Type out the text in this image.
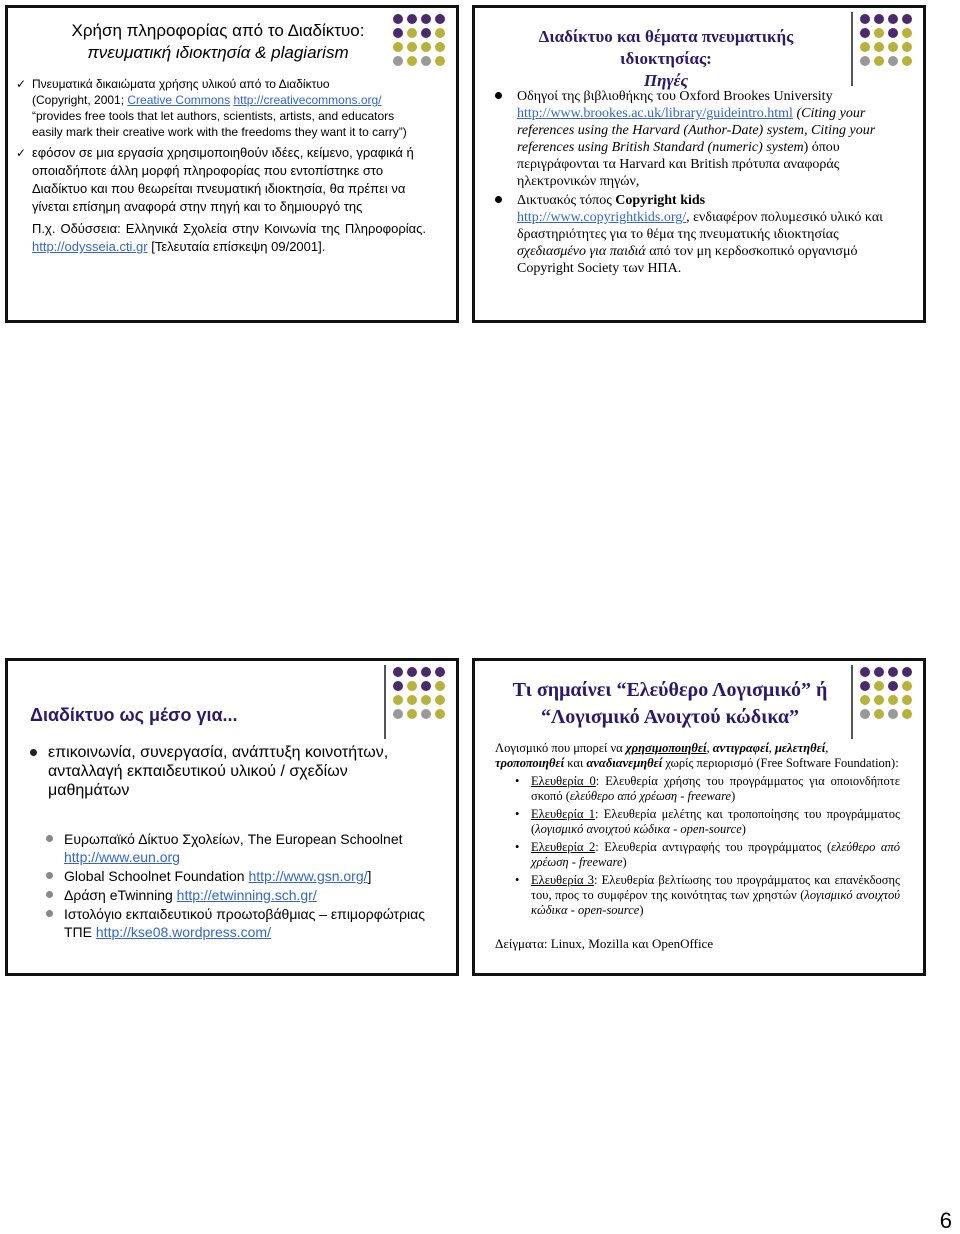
Χρήση πληροφορίας από το Διαδίκτυο:
πνευματική ιδιοκτησία & plagiarism
✓ Πνευματικά δικαιώματα χρήσης υλικού από το Διαδίκτυο
(Copyright, 2001; Creative Commons http://creativecommons.org/ “provides free tools that let authors, scientists, artists, and educators easily mark their creative work with the freedoms they want it to carry”)
✓ εφόσον σε μια εργασία χρησιμοποιηθούν ιδέες, κείμενο, γραφικά ή οποιαδήποτε άλλη μορφή πληροφορίας που εντοπίστηκε στο Διαδίκτυο και που θεωρείται πνευματική ιδιοκτησία, θα πρέπει να γίνεται επίσημη αναφορά στην πηγή και το δημιουργό της
Π.χ. Οδύσσεια: Ελληνικά Σχολεία στην Κοινωνία της Πληροφορίας. http://odysseia.cti.gr [Τελευταία επίσκεψη 09/2001].
Διαδίκτυο και θέματα πνευματικής ιδιοκτησίας:
Πηγές
Οδηγοί της βιβλιοθήκης του Oxford Brookes University
http://www.brookes.ac.uk/library/guideintro.html (Citing your references using the Harvard (Author-Date) system, Citing your references using British Standard (numeric) system) όπου περιγράφονται τα Harvard και British πρότυπα αναφοράς ηλεκτρονικών πηγών,
Δικτυακός τόπος Copyright kids
http://www.copyrightkids.org/, ενδιαφέρον πολυμεσικό υλικό και δραστηριότητες για το θέμα της πνευματικής ιδιοκτησίας σχεδιασμένο για παιδιά από τον μη κερδοσκοπικό οργανισμό Copyright Society των ΗΠΑ.
Διαδίκτυο ως μέσο για...
επικοινωνία, συνεργασία, ανάπτυξη κοινοτήτων, ανταλλαγή εκπαιδευτικού υλικού / σχεδίων μαθημάτων
Ευρωπαϊκό Δίκτυο Σχολείων, The European Schoolnet http://www.eun.org
Global Schoolnet Foundation http://www.gsn.org/]
Δράση eTwinning http://etwinning.sch.gr/
Ιστολόγιο εκπαιδευτικού προωτοβάθμιας – επιμορφώτριας ΤΠΕ http://kse08.wordpress.com/
Τι σημαίνει “Ελεύθερο Λογισμικό” ή
“Λογισμικό Ανοιχτού κώδικα”
Λογισμικό που μπορεί να χρησιμοποιηθεί, αντιγραφεί, μελετηθεί, τροποποιηθεί και αναδιανεμηθεί χωρίς περιορισμό (Free Software Foundation):
• Ελευθερία 0: Ελευθερία χρήσης του προγράμματος για οποιονδήποτε σκοπό (ελεύθερο από χρέωση - freeware)
• Ελευθερία 1: Ελευθερία μελέτης και τροποποίησης του προγράμματος (λογισμικό ανοιχτού κώδικα - open-source)
• Ελευθερία 2: Ελευθερία αντιγραφής του προγράμματος (ελεύθερο από χρέωση - freeware)
• Ελευθερία 3: Ελευθερία βελτίωσης του προγράμματος και επανέκδοσης του, προς το συμφέρον της κοινότητας των χρηστών (λογισμικό ανοιχτού κώδικα - open-source)
Δείγματα: Linux, Mozilla και OpenOffice
6
